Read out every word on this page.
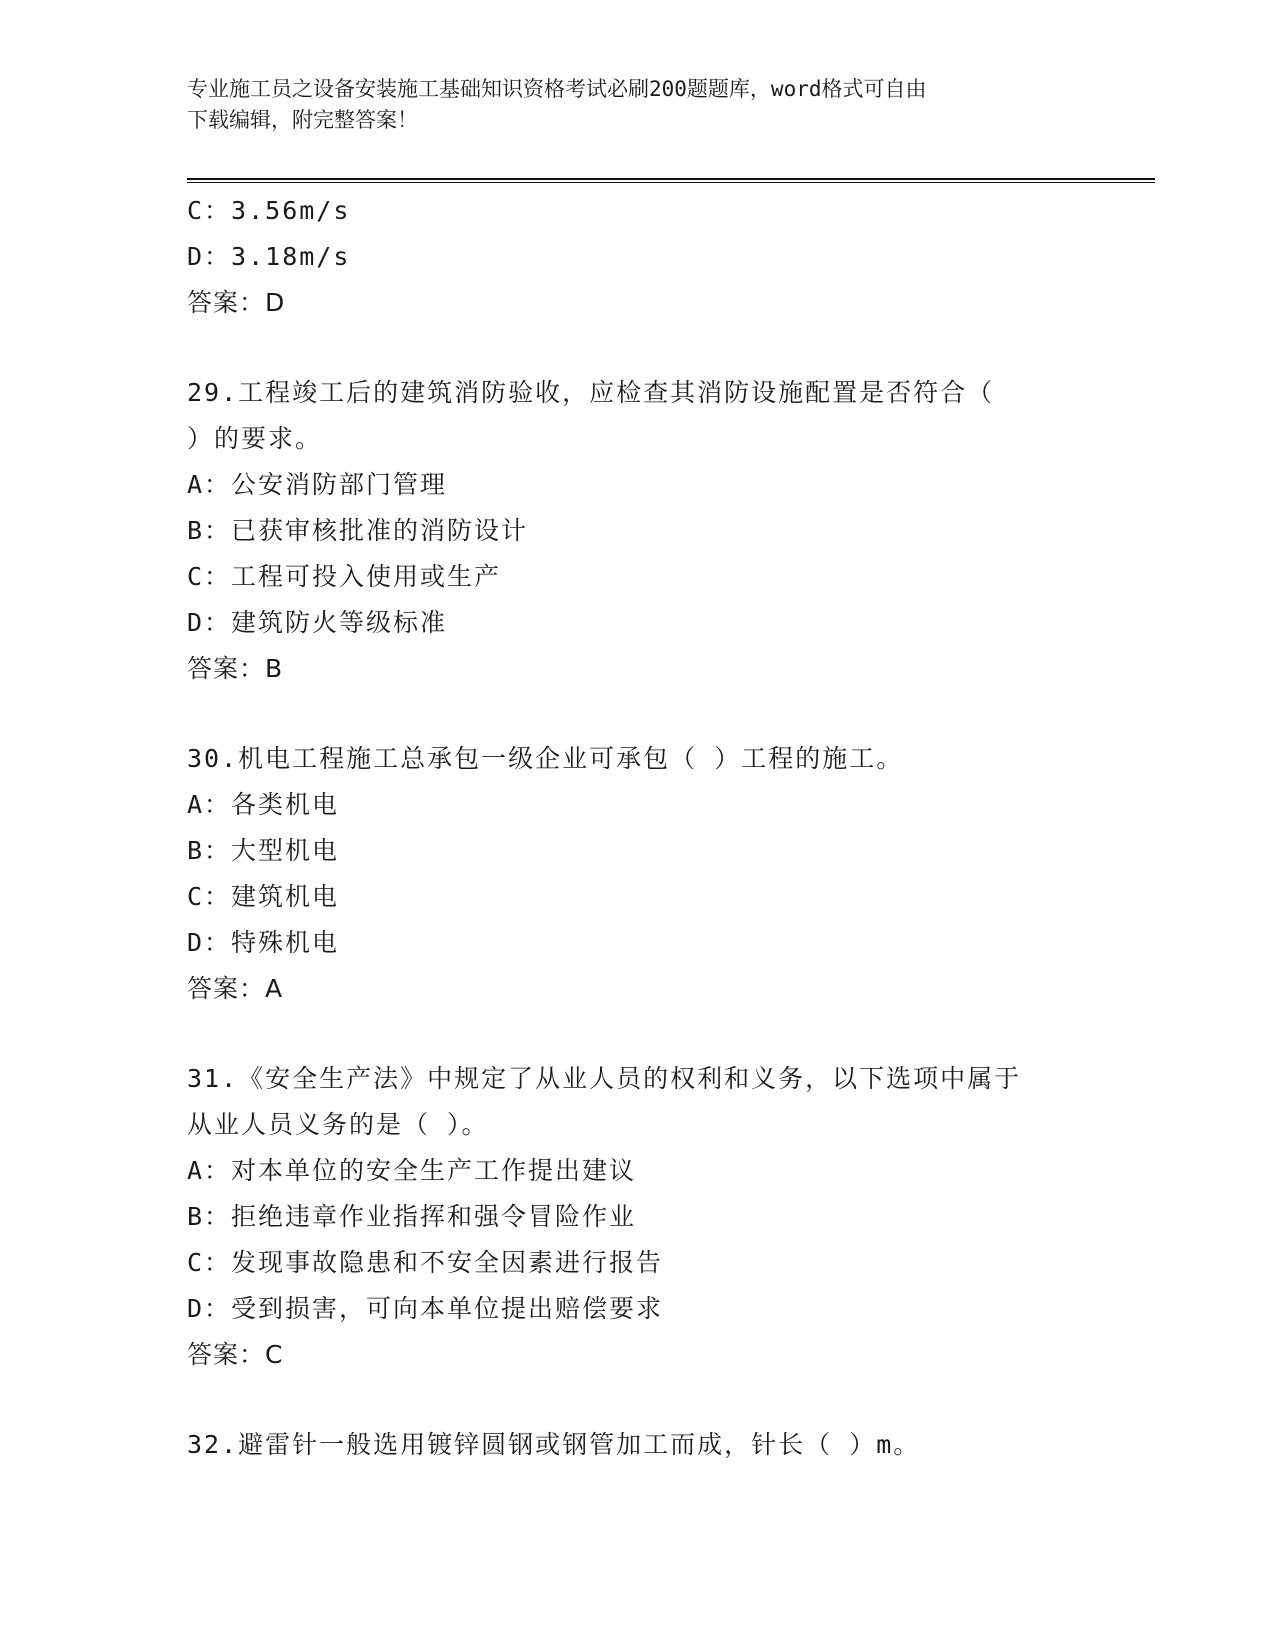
专业施工员之设备安装施工基础知识资格考试必刷200题题库，word格式可自由
下载编辑，附完整答案！
C：3.56m/s
D：3.18m/s
答案：D
29.工程竣工后的建筑消防验收，应检查其消防设施配置是否符合（
）的要求。
A：公安消防部门管理
B：已获审核批准的消防设计
C：工程可投入使用或生产
D：建筑防火等级标准
答案：B
30.机电工程施工总承包一级企业可承包（ ）工程的施工。
A：各类机电
B：大型机电
C：建筑机电
D：特殊机电
答案：A
31.《安全生产法》中规定了从业人员的权利和义务，以下选项中属于
从业人员义务的是（ ）。
A：对本单位的安全生产工作提出建议
B：拒绝违章作业指挥和强令冒险作业
C：发现事故隐患和不安全因素进行报告
D：受到损害，可向本单位提出赔偿要求
答案：C
32.避雷针一般选用镀锌圆钢或钢管加工而成，针长（ ）m。
